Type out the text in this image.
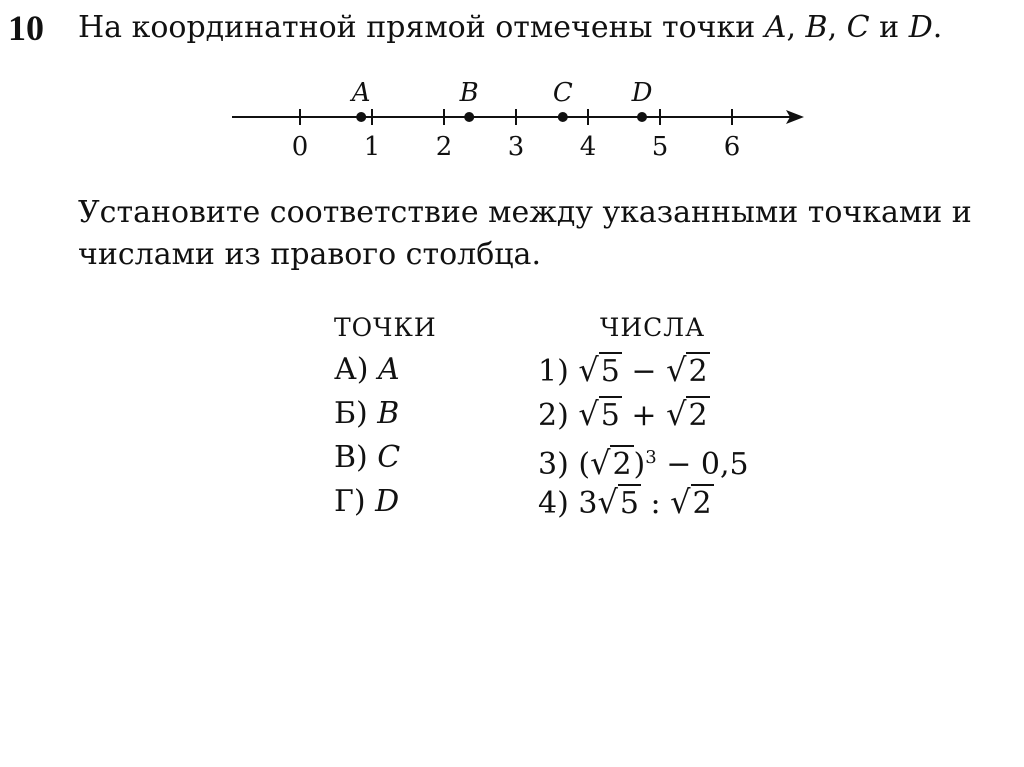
10 На координатной прямой отмечены точки A, B, C и D.
0 1 2 3 4 5 6
A	B	C D
Установите соответствие между указанными точками и числами из правого столбца.
ТОЧКИ
А) A
Б) B
В) C
Г) D
ЧИСЛА
1) √5 − √2
2) √5 + √2
3) $(√2)^3 - 0,5$
4) 3√5 : √2
